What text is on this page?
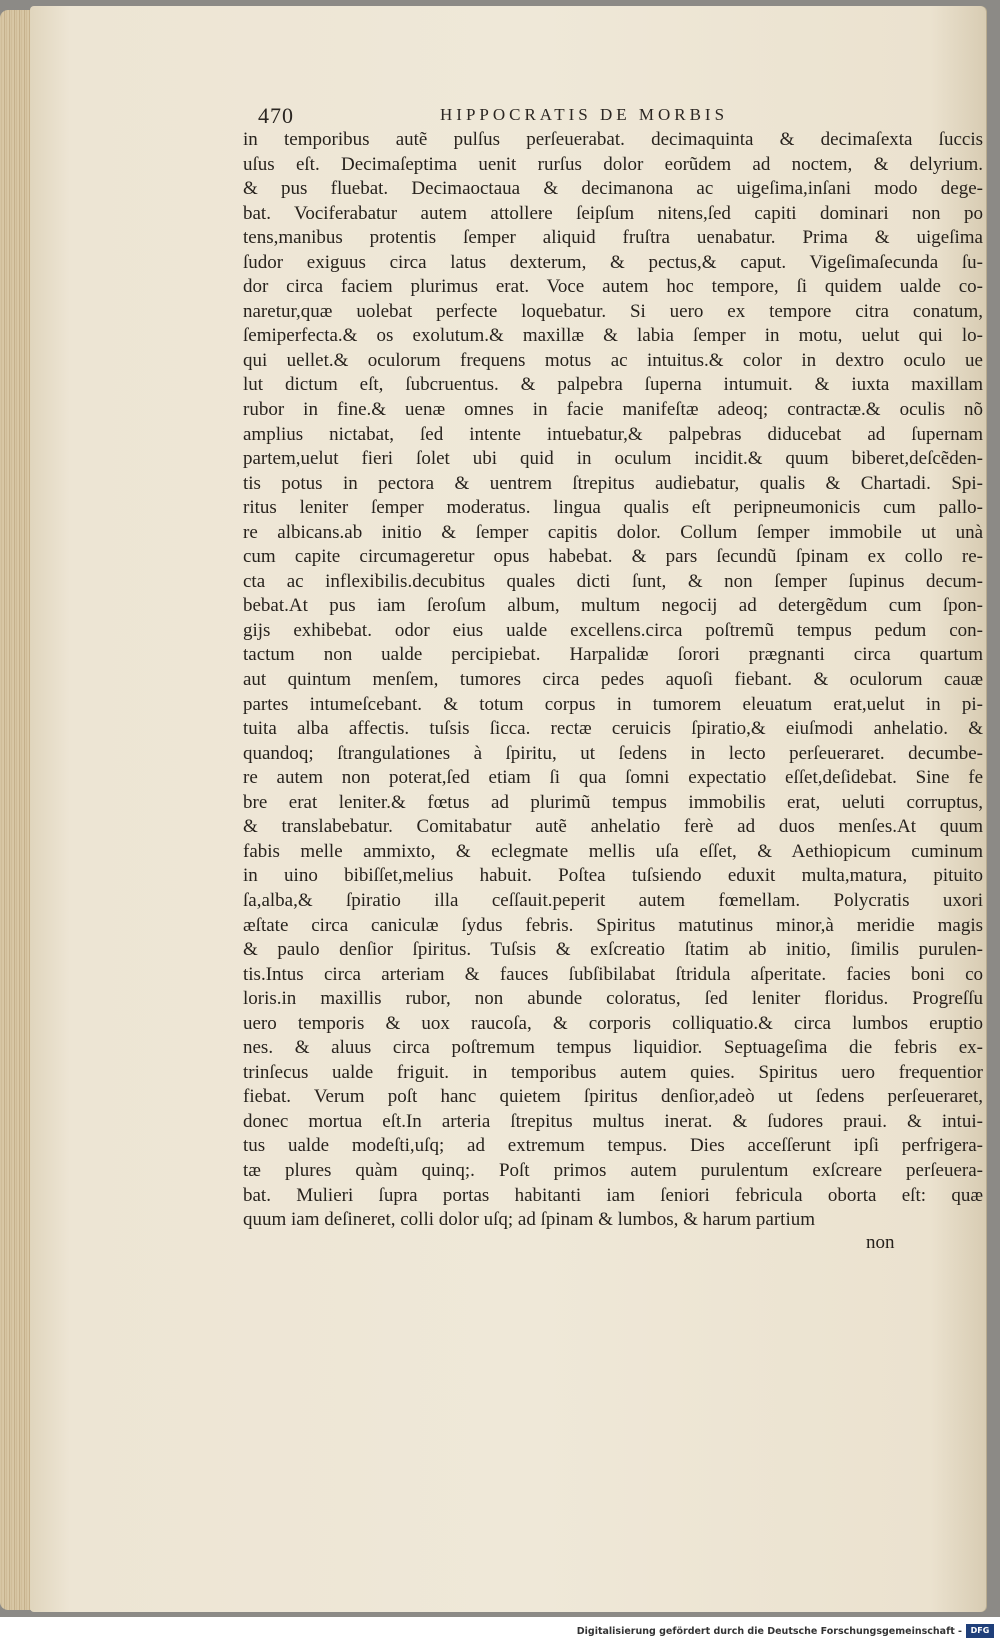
470	HIPPOCRATIS DE MORBIS
in temporibus autẽ pulſus perſeuerabat. decimaquinta & decimaſexta ſuccis
uſus eſt. Decimaſeptima uenit rurſus dolor eorũdem ad noctem, & delyrium.
& pus fluebat. Decimaoctaua & decimanona ac uigeſima,inſani modo dege-
bat. Vociferabatur autem attollere ſeipſum nitens,ſed capiti dominari non po
tens,manibus protentis ſemper aliquid fruſtra uenabatur. Prima & uigeſima
ſudor exiguus circa latus dexterum, & pectus,& caput. Vigeſimaſecunda ſu-
dor circa faciem plurimus erat. Voce autem hoc tempore, ſi quidem ualde co-
naretur,quæ uolebat perfecte loquebatur. Si uero ex tempore citra conatum,
ſemiperfecta.& os exolutum.& maxillæ & labia ſemper in motu, uelut qui lo-
qui uellet.& oculorum frequens motus ac intuitus.& color in dextro oculo ue
lut dictum eſt, ſubcruentus. & palpebra ſuperna intumuit. & iuxta maxillam
rubor in fine.& uenæ omnes in facie manifeſtæ adeoq; contractæ.& oculis nõ
amplius nictabat, ſed intente intuebatur,& palpebras diducebat ad ſupernam
partem,uelut fieri ſolet ubi quid in oculum incidit.& quum biberet,deſcẽden-
tis potus in pectora & uentrem ſtrepitus audiebatur, qualis & Chartadi. Spi-
ritus leniter ſemper moderatus. lingua qualis eſt peripneumonicis cum pallo-
re albicans.ab initio & ſemper capitis dolor. Collum ſemper immobile ut unà
cum capite circumageretur opus habebat. & pars ſecundũ ſpinam ex collo re-
cta ac inflexibilis.decubitus quales dicti ſunt, & non ſemper ſupinus decum-
bebat.At pus iam ſeroſum album, multum negocij ad detergẽdum cum ſpon-
gijs exhibebat. odor eius ualde excellens.circa poſtremũ tempus pedum con-
tactum non ualde percipiebat. Harpalidæ ſorori prægnanti circa quartum
aut quintum menſem, tumores circa pedes aquoſi fiebant. & oculorum cauæ
partes intumeſcebant. & totum corpus in tumorem eleuatum erat,uelut in pi-
tuita alba affectis. tuſsis ſicca. rectæ ceruicis ſpiratio,& eiuſmodi anhelatio. &
quandoq; ſtrangulationes à ſpiritu, ut ſedens in lecto perſeueraret. decumbe-
re autem non poterat,ſed etiam ſi qua ſomni expectatio eſſet,deſidebat. Sine fe
bre erat leniter.& fœtus ad plurimũ tempus immobilis erat, ueluti corruptus,
& translabebatur. Comitabatur autẽ anhelatio ferè ad duos menſes.At quum
fabis melle ammixto, & eclegmate mellis uſa eſſet, & Aethiopicum cuminum
in uino bibiſſet,melius habuit. Poſtea tuſsiendo eduxit multa,matura, pituito
ſa,alba,& ſpiratio illa ceſſauit.peperit autem fœmellam. Polycratis uxori
æſtate circa caniculæ ſydus febris. Spiritus matutinus minor,à meridie magis
& paulo denſior ſpiritus. Tuſsis & exſcreatio ſtatim ab initio, ſimilis purulen-
tis.Intus circa arteriam & fauces ſubſibilabat ſtridula aſperitate. facies boni co
loris.in maxillis rubor, non abunde coloratus, ſed leniter floridus. Progreſſu
uero temporis & uox raucoſa, & corporis colliquatio.& circa lumbos eruptio
nes. & aluus circa poſtremum tempus liquidior. Septuageſima die febris ex-
trinſecus ualde friguit. in temporibus autem quies. Spiritus uero frequentior
fiebat. Verum poſt hanc quietem ſpiritus denſior,adeò ut ſedens perſeueraret,
donec mortua eſt.In arteria ſtrepitus multus inerat. & ſudores praui. & intui-
tus ualde modeſti,uſq; ad extremum tempus. Dies acceſſerunt ipſi perfrigera-
tæ plures quàm quinq;. Poſt primos autem purulentum exſcreare perſeuera-
bat. Mulieri ſupra portas habitanti iam ſeniori febricula oborta eſt: quæ
quum iam deſineret, colli dolor uſq; ad ſpinam & lumbos, & harum partium
non
Digitalisierung gefördert durch die Deutsche Forschungsgemeinschaft -	DFG
